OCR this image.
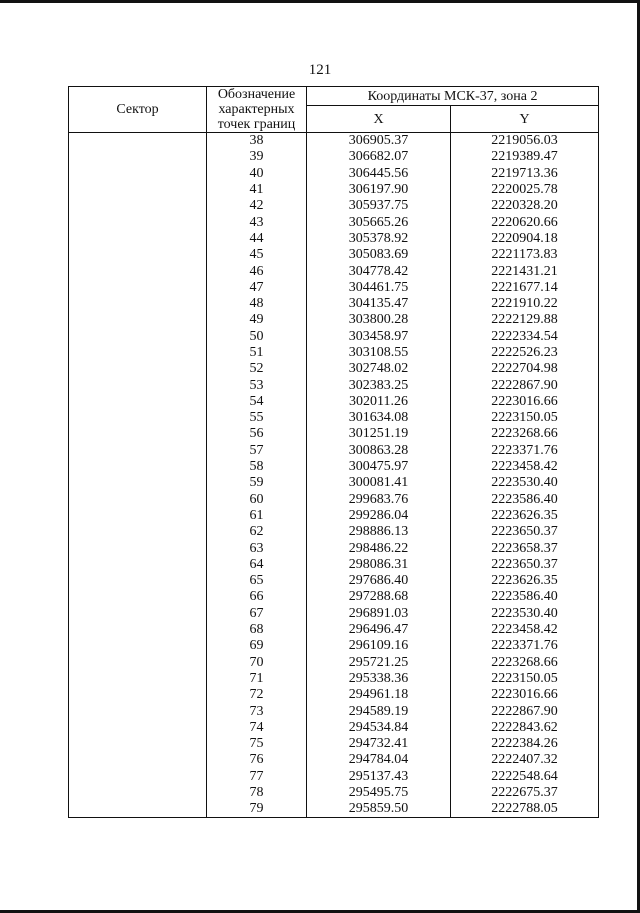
121
Сектор	Обозначение
характерных
точек границ	Координаты МСК-37, зона 2	
		X	Y
	38	306905.37	2219056.03
	39	306682.07	2219389.47
	40	306445.56	2219713.36
	41	306197.90	2220025.78
	42	305937.75	2220328.20
	43	305665.26	2220620.66
	44	305378.92	2220904.18
	45	305083.69	2221173.83
	46	304778.42	2221431.21
	47	304461.75	2221677.14
	48	304135.47	2221910.22
	49	303800.28	2222129.88
	50	303458.97	2222334.54
	51	303108.55	2222526.23
	52	302748.02	2222704.98
	53	302383.25	2222867.90
	54	302011.26	2223016.66
	55	301634.08	2223150.05
	56	301251.19	2223268.66
	57	300863.28	2223371.76
	58	300475.97	2223458.42
	59	300081.41	2223530.40
	60	299683.76	2223586.40
	61	299286.04	2223626.35
	62	298886.13	2223650.37
	63	298486.22	2223658.37
	64	298086.31	2223650.37
	65	297686.40	2223626.35
	66	297288.68	2223586.40
	67	296891.03	2223530.40
	68	296496.47	2223458.42
	69	296109.16	2223371.76
	70	295721.25	2223268.66
	71	295338.36	2223150.05
	72	294961.18	2223016.66
	73	294589.19	2222867.90
	74	294534.84	2222843.62
	75	294732.41	2222384.26
	76	294784.04	2222407.32
	77	295137.43	2222548.64
	78	295495.75	2222675.37
	79	295859.50	2222788.05
